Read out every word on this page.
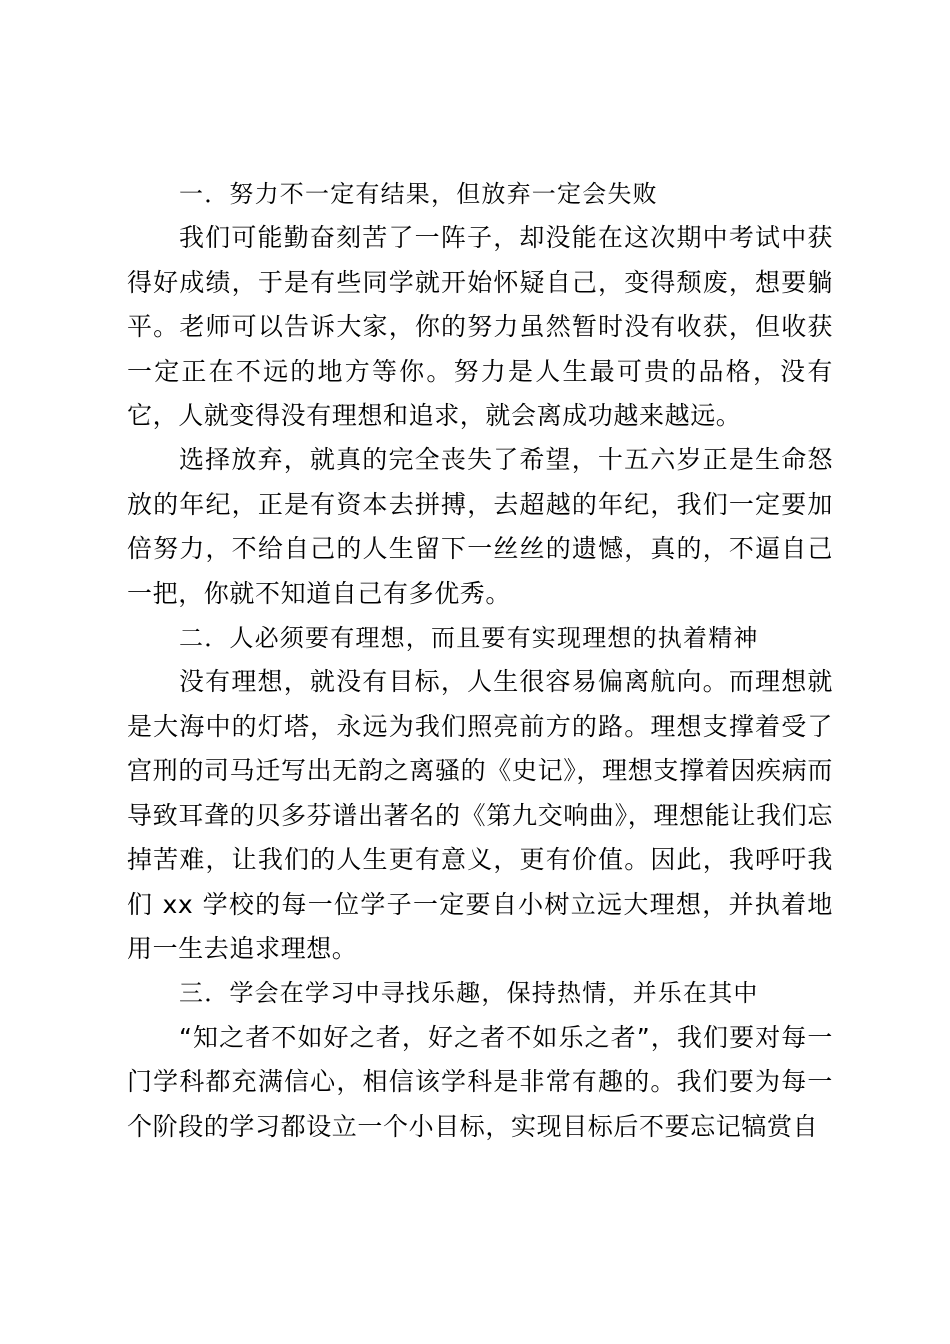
一．努力不一定有结果，但放弃一定会失败

我们可能勤奋刻苦了一阵子，却没能在这次期中考试中获得好成绩，于是有些同学就开始怀疑自己，变得颓废，想要躺平。老师可以告诉大家，你的努力虽然暂时没有收获，但收获一定正在不远的地方等你。努力是人生最可贵的品格，没有它，人就变得没有理想和追求，就会离成功越来越远。

选择放弃，就真的完全丧失了希望，十五六岁正是生命怒放的年纪，正是有资本去拼搏，去超越的年纪，我们一定要加倍努力，不给自己的人生留下一丝丝的遗憾，真的，不逼自己一把，你就不知道自己有多优秀。

二．人必须要有理想，而且要有实现理想的执着精神

没有理想，就没有目标，人生很容易偏离航向。而理想就是大海中的灯塔，永远为我们照亮前方的路。理想支撑着受了宫刑的司马迁写出无韵之离骚的《史记》，理想支撑着因疾病而导致耳聋的贝多芬谱出著名的《第九交响曲》，理想能让我们忘掉苦难，让我们的人生更有意义，更有价值。因此，我呼吁我们 xx 学校的每一位学子一定要自小树立远大理想，并执着地用一生去追求理想。

三．学会在学习中寻找乐趣，保持热情，并乐在其中

“知之者不如好之者，好之者不如乐之者”，我们要对每一门学科都充满信心，相信该学科是非常有趣的。我们要为每一个阶段的学习都设立一个小目标，实现目标后不要忘记犒赏自
